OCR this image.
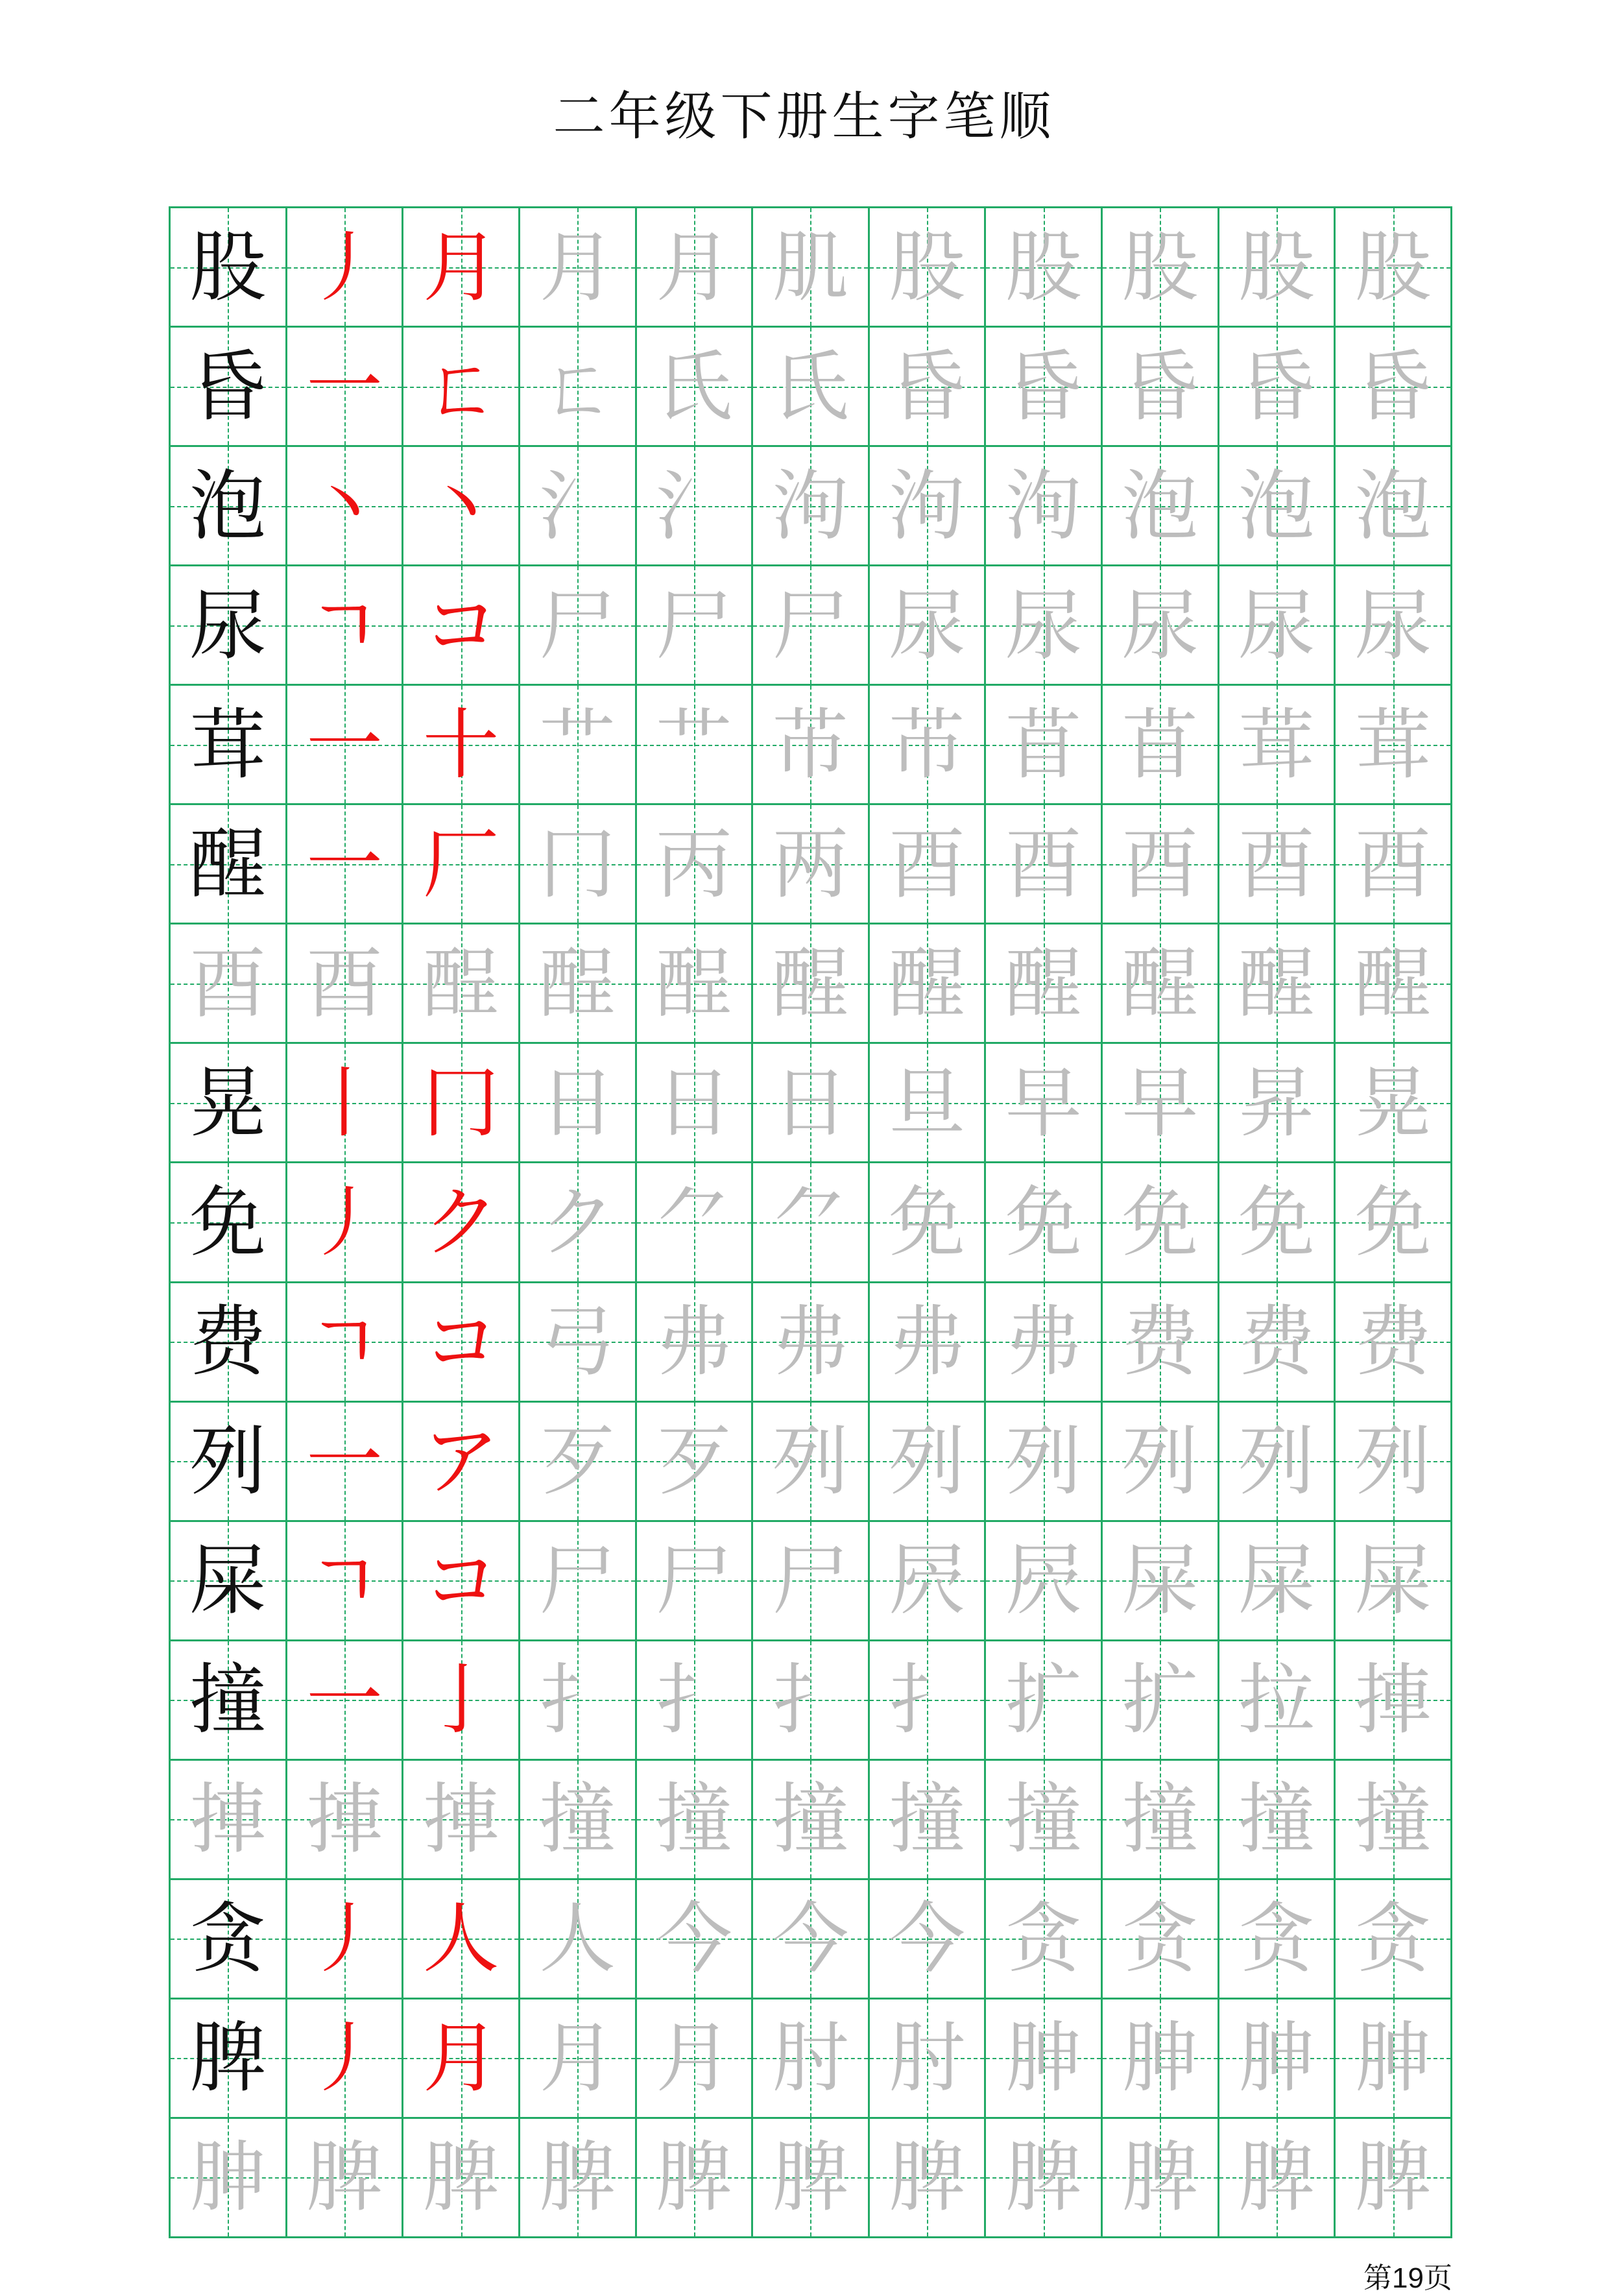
二年级下册生字笔顺
股 丿 月 月 月 肌 股 股 股 股 股
昏 一 ㄈ ㄈ 氏 氏 昏 昏 昏 昏 昏
泡 丶 丶 氵 氵 泃 泃 泃 泡 泡 泡
尿 ㄱ コ 尸 尸 尸 尿 尿 尿 尿 尿
茸 一 十 艹 艹 芇 芇 苜 苜 茸 茸
醒 一 厂 冂 丙 两 酉 酉 酉 酉 酉
酉 酉 酲 酲 酲 醒 醒 醒 醒 醒 醒
晃 丨 冂 日 日 日 旦 早 早 昇 晃
免 丿 ク ク ⺈ ⺈ 免 免 免 免 免
费 ㄱ コ 弓 弗 弗 弗 弗 费 费 费
列 一 ア 歹 歹 列 列 列 列 列 列
屎 ㄱ コ 尸 尸 尸 屄 屄 屎 屎 屎
撞 一 亅 扌 扌 扌 扌 扩 扩 拉 捙
捙 捙 捙 撞 撞 撞 撞 撞 撞 撞 撞
贪 丿 人 人 今 今 今 贪 贪 贪 贪
脾 丿 月 月 月 肘 肘 胂 胂 胂 胂
胂 脾 脾 脾 脾 脾 脾 脾 脾 脾 脾
第19页
